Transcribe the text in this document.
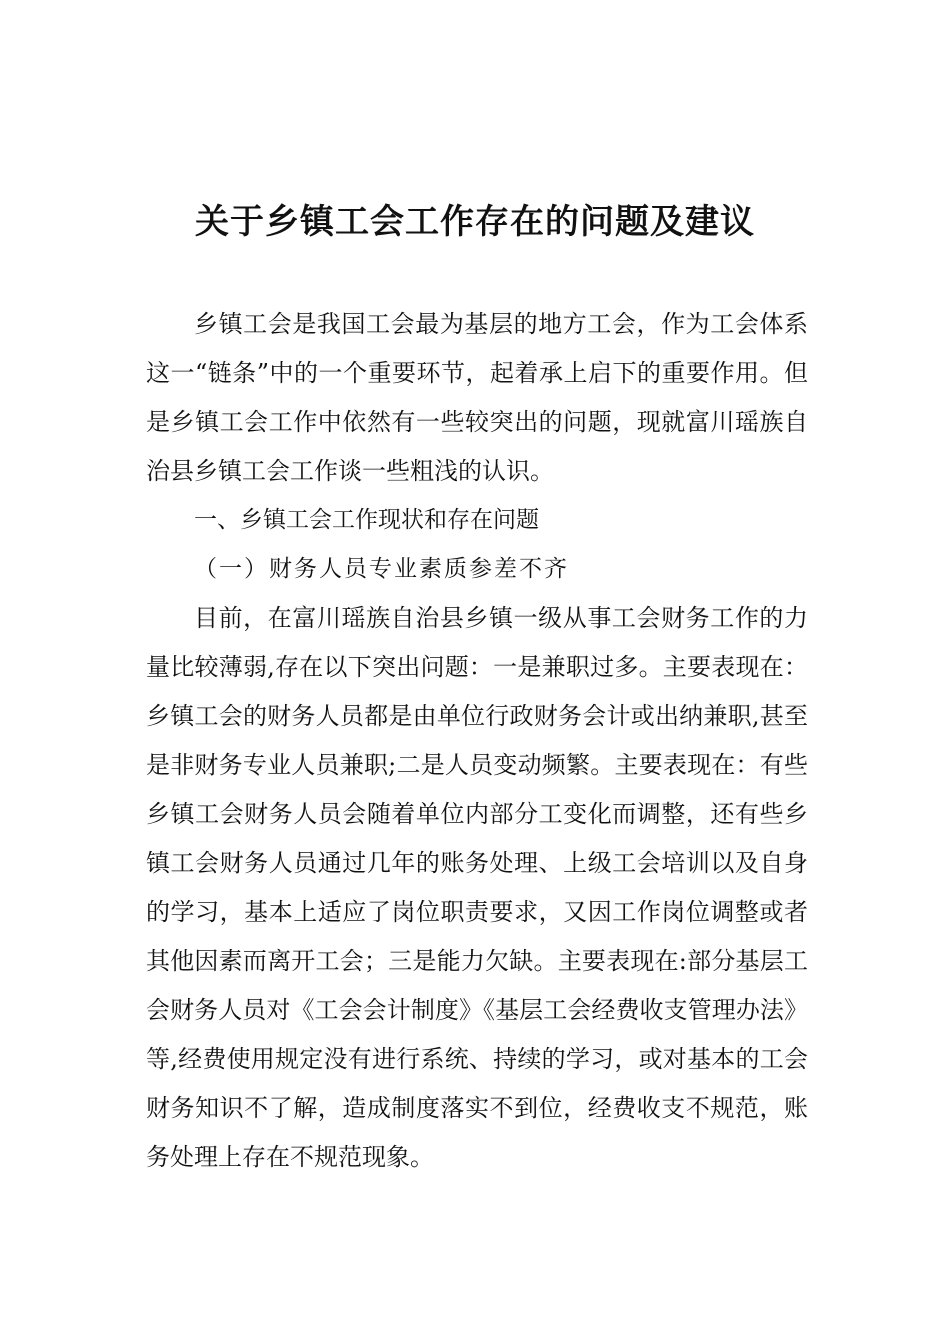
关于乡镇工会工作存在的问题及建议

乡镇工会是我国工会最为基层的地方工会，作为工会体系这一“链条”中的一个重要环节，起着承上启下的重要作用。但是乡镇工会工作中依然有一些较突出的问题，现就富川瑶族自治县乡镇工会工作谈一些粗浅的认识。

一、乡镇工会工作现状和存在问题

（一）财务人员专业素质参差不齐

目前，在富川瑶族自治县乡镇一级从事工会财务工作的力量比较薄弱,存在以下突出问题：一是兼职过多。主要表现在：乡镇工会的财务人员都是由单位行政财务会计或出纳兼职,甚至是非财务专业人员兼职;二是人员变动频繁。主要表现在：有些乡镇工会财务人员会随着单位内部分工变化而调整，还有些乡镇工会财务人员通过几年的账务处理、上级工会培训以及自身的学习，基本上适应了岗位职责要求，又因工作岗位调整或者其他因素而离开工会；三是能力欠缺。主要表现在:部分基层工会财务人员对《工会会计制度》《基层工会经费收支管理办法》等,经费使用规定没有进行系统、持续的学习，或对基本的工会财务知识不了解，造成制度落实不到位，经费收支不规范，账务处理上存在不规范现象。
